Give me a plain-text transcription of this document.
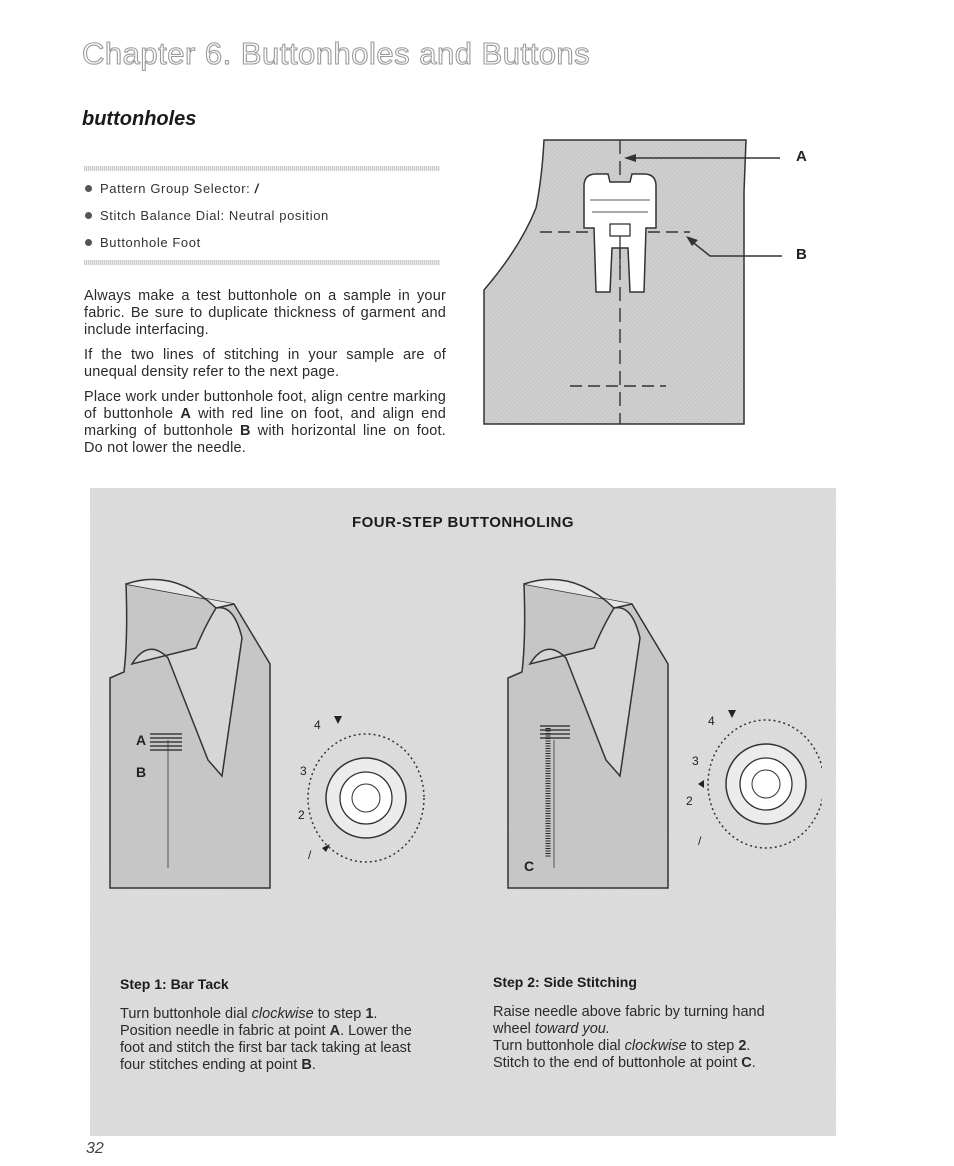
Chapter 6. Buttonholes and Buttons
buttonholes
Pattern Group Selector: /
Stitch Balance Dial: Neutral position
Buttonhole Foot

Always make a test buttonhole on a sample in your fabric. Be sure to duplicate thickness of garment and include interfacing.

If the two lines of stitching in your sample are of unequal density refer to the next page.

Place work under buttonhole foot, align centre marking of buttonhole A with red line on foot, and align end marking of buttonhole B with horizontal line on foot. Do not lower the needle.

A
B
FOUR-STEP BUTTONHOLING
A
B
4
3
2
/
C
4
3
2
/
Step 1: Bar Tack
Turn buttonhole dial clockwise to step 1. Position needle in fabric at point A. Lower the foot and stitch the first bar tack taking at least four stitches ending at point B.
Step 2: Side Stitching
Raise needle above fabric by turning hand wheel toward you.
Turn buttonhole dial clockwise to step 2. Stitch to the end of buttonhole at point C.
32
